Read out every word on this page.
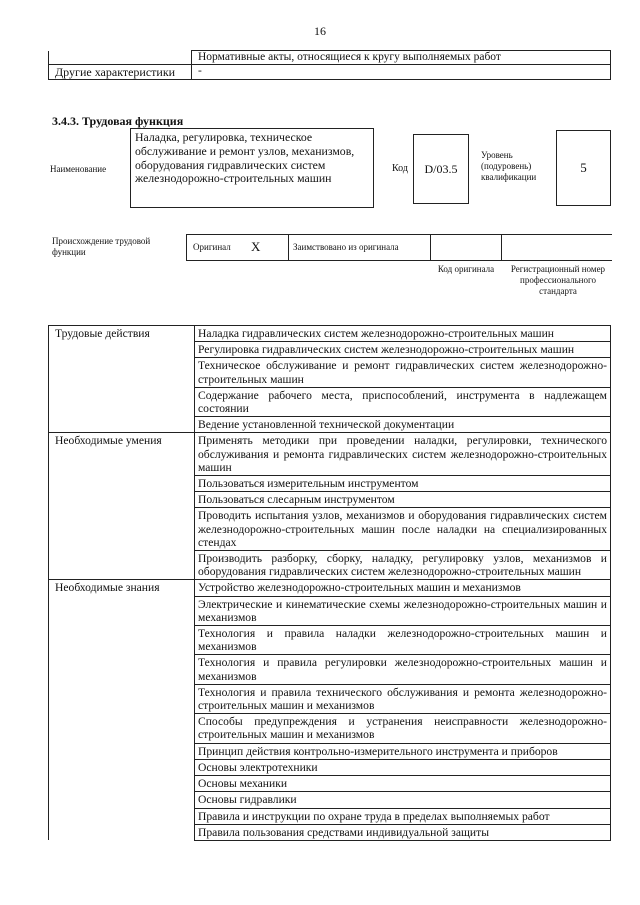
16
	Нормативные акты, относящиеся к кругу выполняемых работ
Другие характеристики	-
3.4.3. Трудовая функция
Наименование
Наладка, регулировка, техническое обслуживание и ремонт узлов, механизмов, оборудования гидравлических систем железнодорожно-строительных машин
Код D/03.5
Уровень (подуровень) квалификации
5
Происхождение трудовой функции	Оригинал X	Заимствовано из оригинала
Код оригинала	Регистрационный номер профессионального стандарта
Трудовые действия	Наладка гидравлических систем железнодорожно-строительных машин
	Регулировка гидравлических систем железнодорожно-строительных машин
	Техническое обслуживание и ремонт гидравлических систем железнодорожно-строительных машин
	Содержание рабочего места, приспособлений, инструмента в надлежащем состоянии
	Ведение установленной технической документации
Необходимые умения	Применять методики при проведении наладки, регулировки, технического обслуживания и ремонта гидравлических систем железнодорожно-строительных машин
	Пользоваться измерительным инструментом
	Пользоваться слесарным инструментом
	Проводить испытания узлов, механизмов и оборудования гидравлических систем железнодорожно-строительных машин после наладки на специализированных стендах
	Производить разборку, сборку, наладку, регулировку узлов, механизмов и оборудования гидравлических систем железнодорожно-строительных машин
Необходимые знания	Устройство железнодорожно-строительных машин и механизмов
	Электрические и кинематические схемы железнодорожно-строительных машин и механизмов
	Технология и правила наладки железнодорожно-строительных машин и механизмов
	Технология и правила регулировки железнодорожно-строительных машин и механизмов
	Технология и правила технического обслуживания и ремонта железнодорожно-строительных машин и механизмов
	Способы предупреждения и устранения неисправности железнодорожно-строительных машин и механизмов
	Принцип действия контрольно-измерительного инструмента и приборов
	Основы электротехники
	Основы механики
	Основы гидравлики
	Правила и инструкции по охране труда в пределах выполняемых работ
	Правила пользования средствами индивидуальной защиты
